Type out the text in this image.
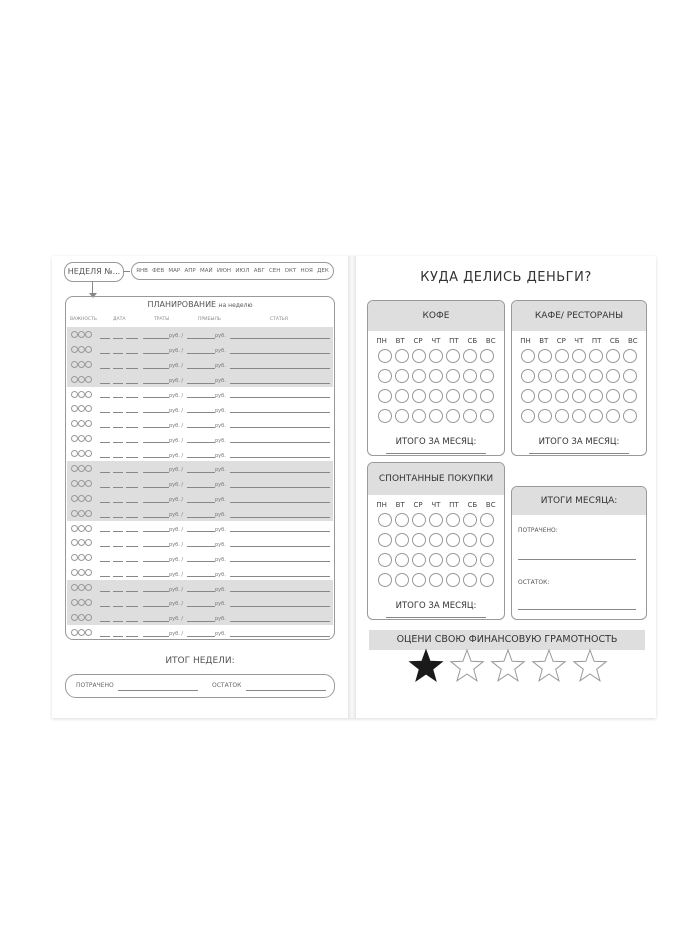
НЕДЕЛЯ №...	ЯНВ ФЕВ МАР АПР МАЙ ИЮН ИЮЛ АВГ СЕН ОКТ НОЯ ДЕК
ПЛАНИРОВАНИЕ на неделю
ВАЖНОСТЬ	ДАТА	ТРАТЫ	ПРИБЫЛЬ	СТАТЬЯ
руб. /	руб.
руб. /	руб.
руб. /	руб.
руб. /	руб.
руб. /	руб.
руб. /	руб.
руб. /	руб.
руб. /	руб.
руб. /	руб.
руб. /	руб.
руб. /	руб.
руб. /	руб.
руб. /	руб.
руб. /	руб.
руб. /	руб.
руб. /	руб.
руб. /	руб.
руб. /	руб.
руб. /	руб.
руб. /	руб.
руб. /	руб.
ИТОГ НЕДЕЛИ:
ПОТРАЧЕНО	ОСТАТОК
КУДА ДЕЛИСЬ ДЕНЬГИ?
КОФЕ
ПН ВТ СР ЧТ ПТ СБ ВС
ИТОГО ЗА МЕСЯЦ:
КАФЕ/ РЕСТОРАНЫ
ПН ВТ СР ЧТ ПТ СБ ВС
ИТОГО ЗА МЕСЯЦ:
СПОНТАННЫЕ ПОКУПКИ
ПН ВТ СР ЧТ ПТ СБ ВС
ИТОГО ЗА МЕСЯЦ:
ИТОГИ МЕСЯЦА:
ПОТРАЧЕНО:
ОСТАТОК:
ОЦЕНИ СВОЮ ФИНАНСОВУЮ ГРАМОТНОСТЬ
